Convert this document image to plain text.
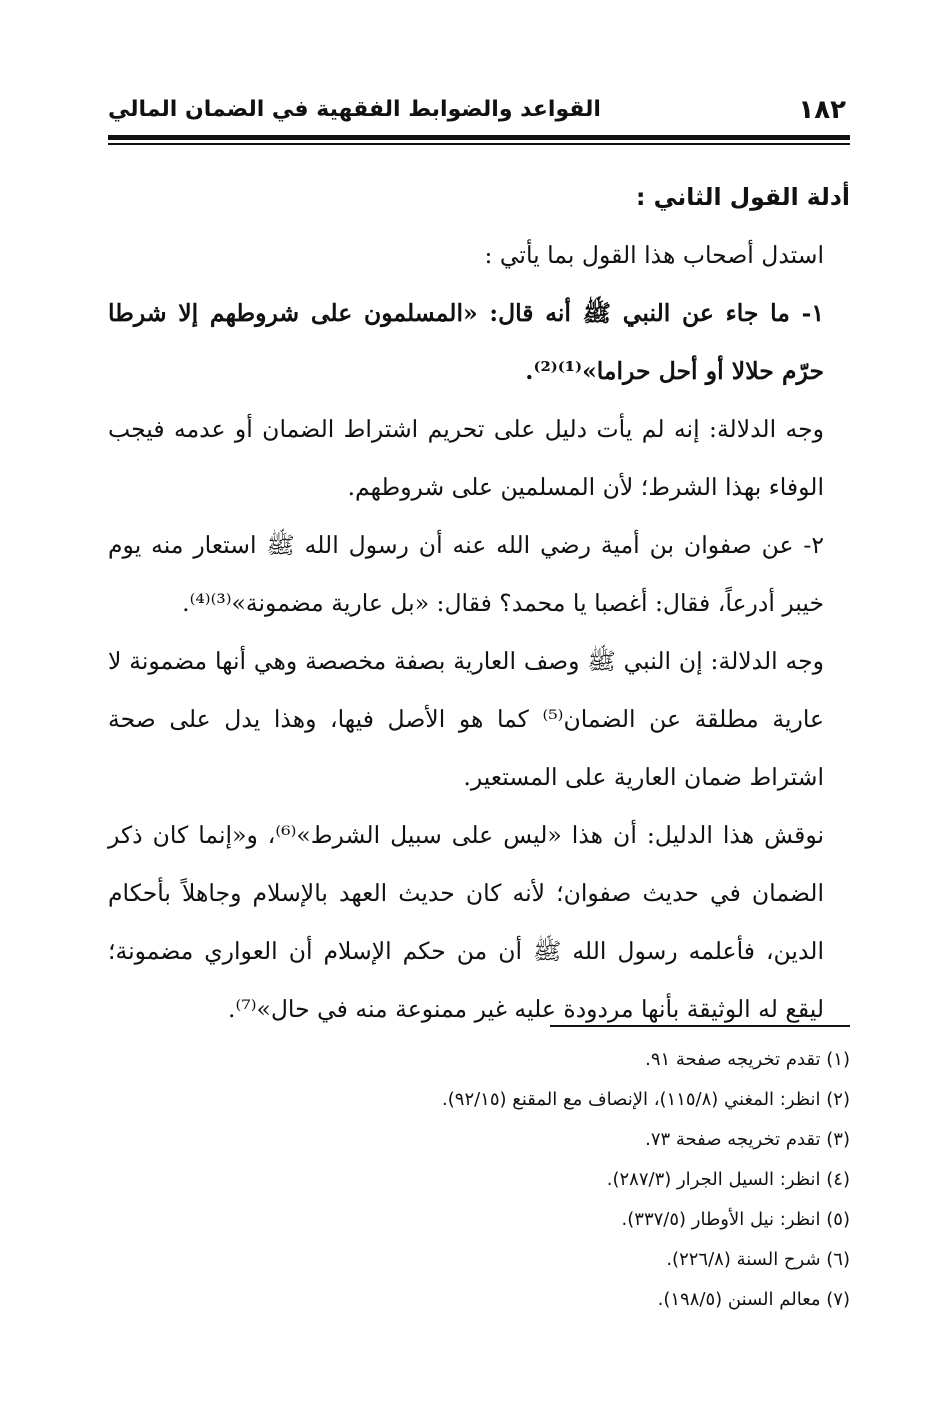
١٨٢
القواعد والضوابط الفقهية في الضمان المالي

أدلة القول الثاني :

استدل أصحاب هذا القول بما يأتي :

١- ما جاء عن النبي ﷺ أنه قال: «المسلمون على شروطهم إلا شرطا حرّم حلالا أو أحل حراما»⁽¹⁾⁽²⁾.

وجه الدلالة: إنه لم يأت دليل على تحريم اشتراط الضمان أو عدمه فيجب الوفاء بهذا الشرط؛ لأن المسلمين على شروطهم.

٢- عن صفوان بن أمية رضي الله عنه أن رسول الله ﷺ استعار منه يوم خيبر أدرعاً، فقال: أغصبا يا محمد؟ فقال: «بل عارية مضمونة»⁽³⁾⁽⁴⁾.

وجه الدلالة: إن النبي ﷺ وصف العارية بصفة مخصصة وهي أنها مضمونة لا عارية مطلقة عن الضمان⁽⁵⁾ كما هو الأصل فيها، وهذا يدل على صحة اشتراط ضمان العارية على المستعير.

نوقش هذا الدليل: أن هذا «ليس على سبيل الشرط»⁽⁶⁾، و«إنما كان ذكر الضمان في حديث صفوان؛ لأنه كان حديث العهد بالإسلام وجاهلاً بأحكام الدين، فأعلمه رسول الله ﷺ أن من حكم الإسلام أن العواري مضمونة؛ ليقع له الوثيقة بأنها مردودة عليه غير ممنوعة منه في حال»⁽⁷⁾.

(١) تقدم تخريجه صفحة ٩١.
(٢) انظر: المغني (١١٥/٨)، الإنصاف مع المقنع (٩٢/١٥).
(٣) تقدم تخريجه صفحة ٧٣.
(٤) انظر: السيل الجرار (٢٨٧/٣).
(٥) انظر: نيل الأوطار (٣٣٧/٥).
(٦) شرح السنة (٢٢٦/٨).
(٧) معالم السنن (١٩٨/٥).
